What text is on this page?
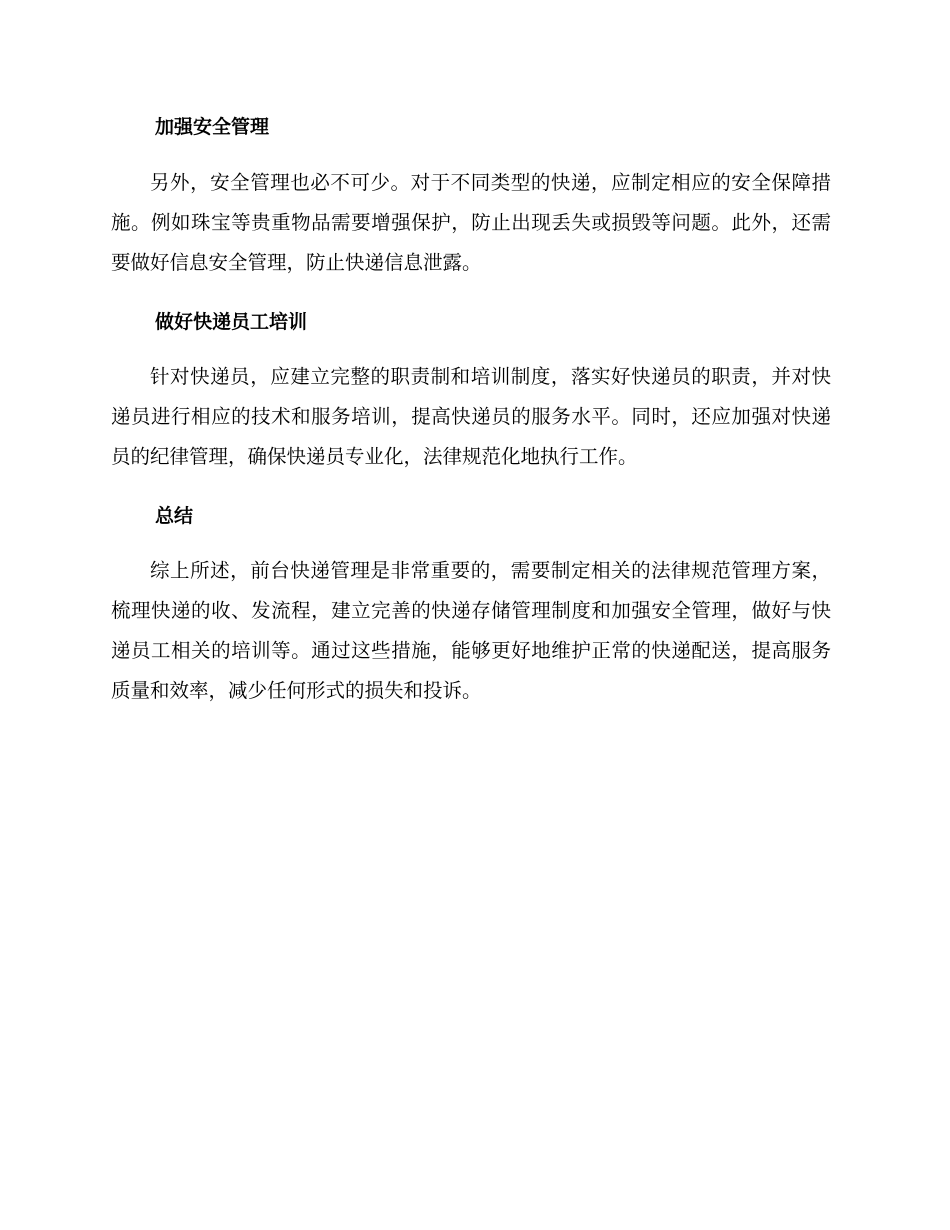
加强安全管理

另外，安全管理也必不可少。对于不同类型的快递，应制定相应的安全保障措施。例如珠宝等贵重物品需要增强保护，防止出现丢失或损毁等问题。此外，还需要做好信息安全管理，防止快递信息泄露。

做好快递员工培训

针对快递员，应建立完整的职责制和培训制度，落实好快递员的职责，并对快递员进行相应的技术和服务培训，提高快递员的服务水平。同时，还应加强对快递员的纪律管理，确保快递员专业化，法律规范化地执行工作。

总结

综上所述，前台快递管理是非常重要的，需要制定相关的法律规范管理方案，梳理快递的收、发流程，建立完善的快递存储管理制度和加强安全管理，做好与快递员工相关的培训等。通过这些措施，能够更好地维护正常的快递配送，提高服务质量和效率，减少任何形式的损失和投诉。
